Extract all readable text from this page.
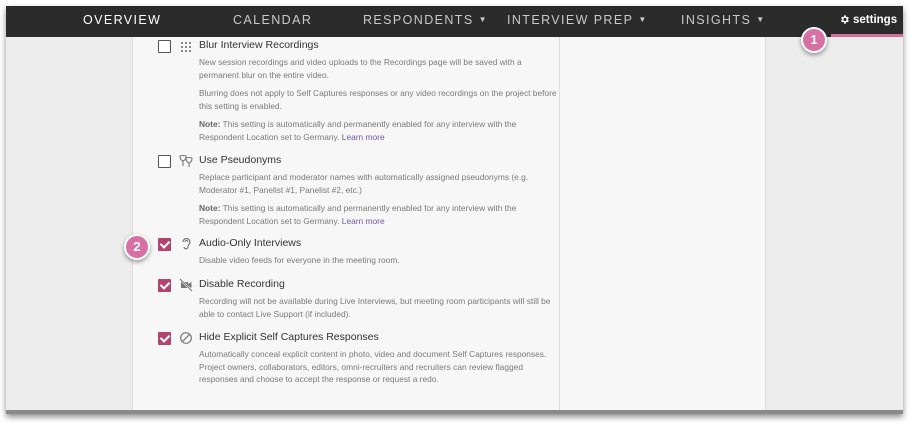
OVERVIEW	CALENDAR	RESPONDENTS ▼ INTERVIEW PREP ▼	INSIGHTS ▼	settings
Blur Interview Recordings
New session recordings and video uploads to the Recordings page will be saved with a permanent blur on the entire video.
Blurring does not apply to Self Captures responses or any video recordings on the project before this setting is enabled.
Note: This setting is automatically and permanently enabled for any interview with the Respondent Location set to Germany. Learn more
Use Pseudonyms
Replace participant and moderator names with automatically assigned pseudonyms (e.g. Moderator #1, Panelist #1, Panelist #2, etc.)
Note: This setting is automatically and permanently enabled for any interview with the Respondent Location set to Germany. Learn more
Audio-Only Interviews
Disable video feeds for everyone in the meeting room.
Disable Recording
Recording will not be available during Live Interviews, but meeting room participants will still be able to contact Live Support (if included).
Hide Explicit Self Captures Responses
Automatically conceal explicit content in photo, video and document Self Captures responses. Project owners, collaborators, editors, omni-recruiters and recruiters can review flagged responses and choose to accept the response or request a redo.
1
2
